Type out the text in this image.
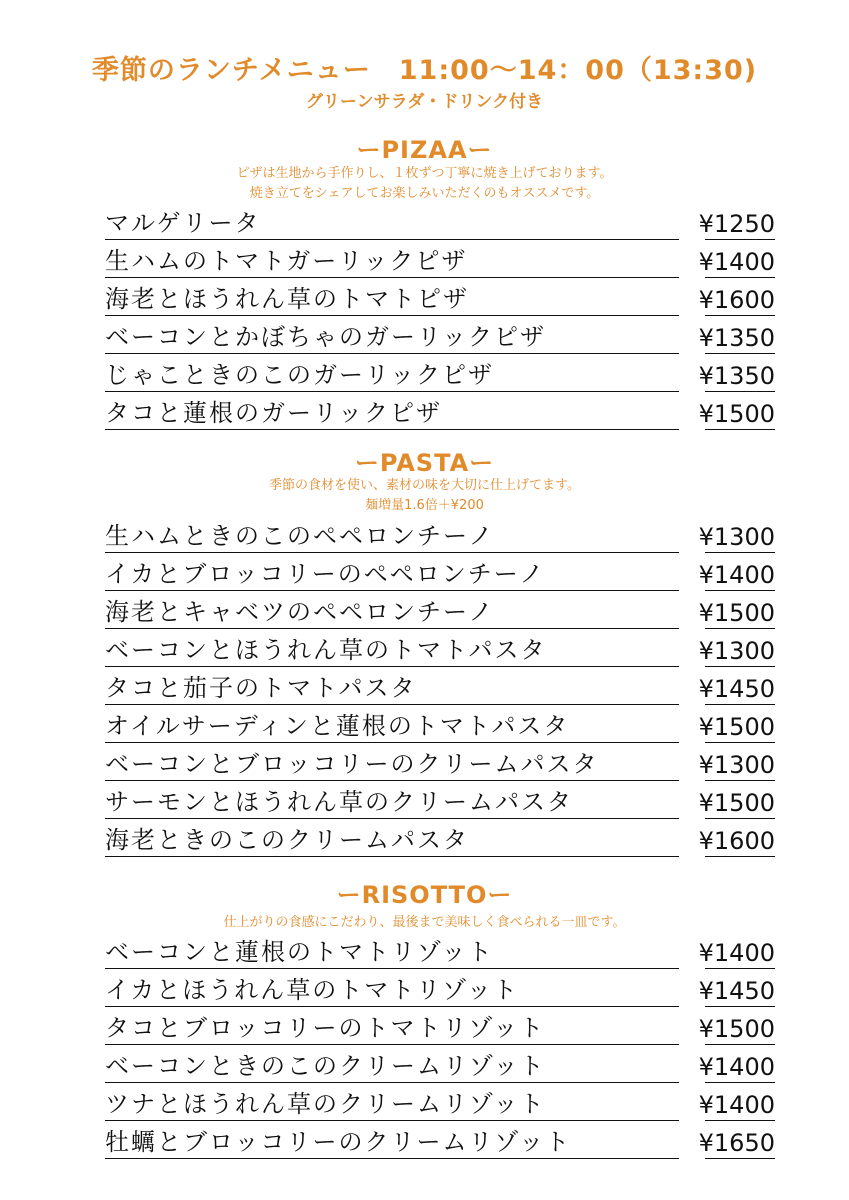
季節のランチメニュー　11:00〜14：00（13:30)
グリーンサラダ・ドリンク付き
ーPIZAAー
ピザは生地から手作りし、１枚ずつ丁寧に焼き上げております。
焼き立てをシェアしてお楽しみいただくのもオススメです。
マルゲリータ	¥1250
生ハムのトマトガーリックピザ	¥1400
海老とほうれん草のトマトピザ	¥1600
ベーコンとかぼちゃのガーリックピザ	¥1350
じゃこときのこのガーリックピザ	¥1350
タコと蓮根のガーリックピザ	¥1500
ーPASTAー
季節の食材を使い、素材の味を大切に仕上げてます。
麺増量1.6倍＋¥200
生ハムときのこのペペロンチーノ	¥1300
イカとブロッコリーのペペロンチーノ	¥1400
海老とキャベツのペペロンチーノ	¥1500
ベーコンとほうれん草のトマトパスタ	¥1300
タコと茄子のトマトパスタ	¥1450
オイルサーディンと蓮根のトマトパスタ	¥1500
ベーコンとブロッコリーのクリームパスタ	¥1300
サーモンとほうれん草のクリームパスタ	¥1500
海老ときのこのクリームパスタ	¥1600
ーRISOTTOー
仕上がりの食感にこだわり、最後まで美味しく食べられる一皿です。
ベーコンと蓮根のトマトリゾット	¥1400
イカとほうれん草のトマトリゾット	¥1450
タコとブロッコリーのトマトリゾット	¥1500
ベーコンときのこのクリームリゾット	¥1400
ツナとほうれん草のクリームリゾット	¥1400
牡蠣とブロッコリーのクリームリゾット	¥1650
